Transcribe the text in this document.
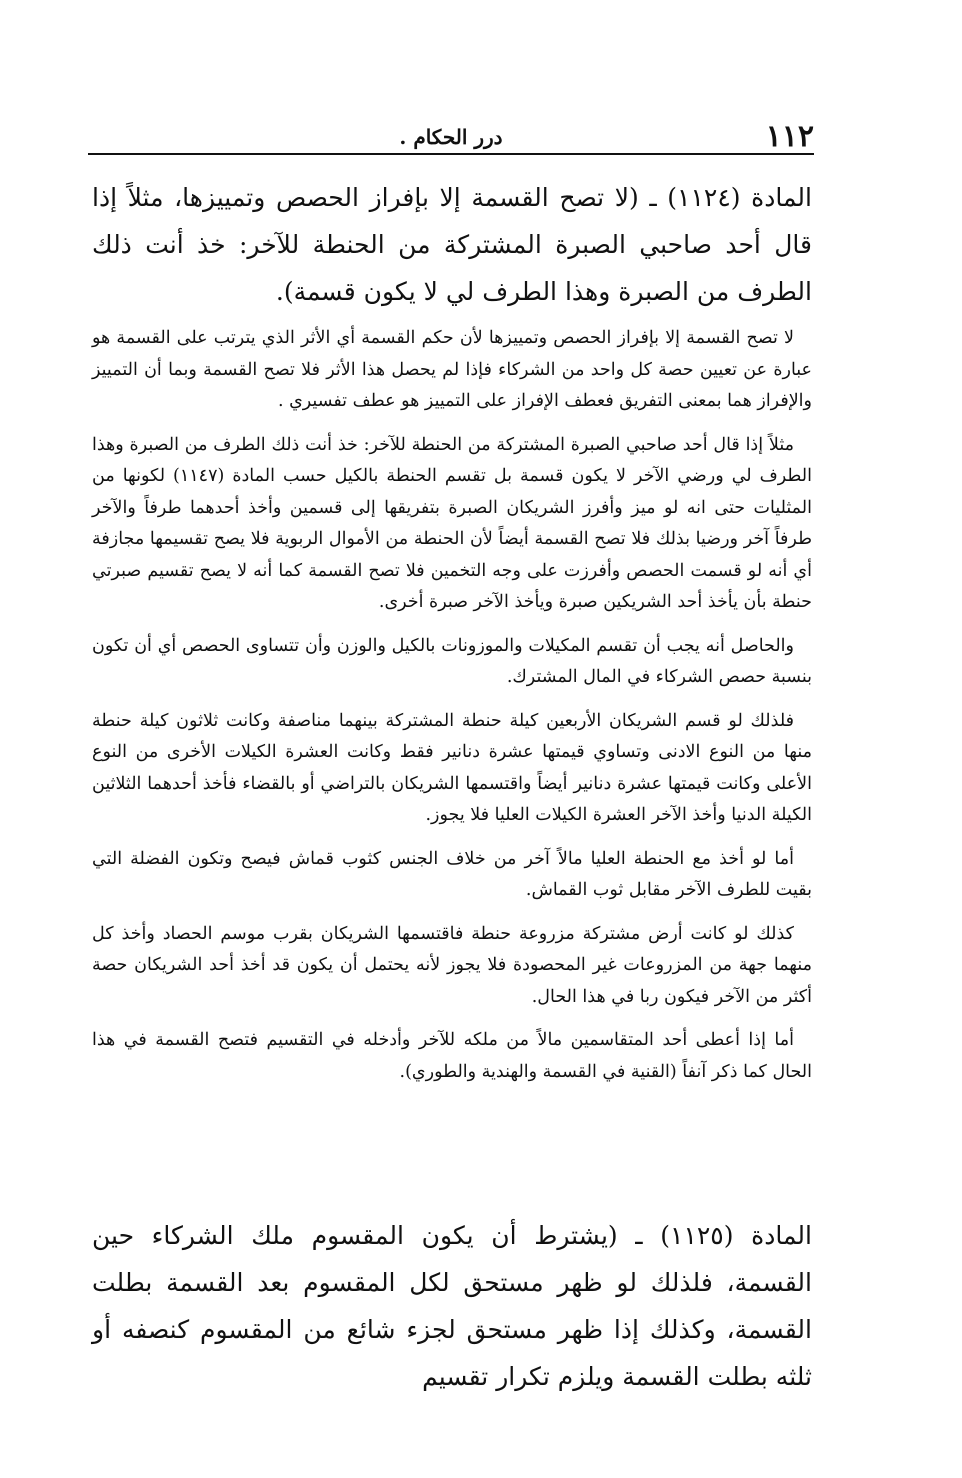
١١٢
درر الحكام .
المادة (١١٢٤) ـ (لا تصح القسمة إلا بإفراز الحصص وتمييزها، مثلاً إذا قال أحد صاحبي الصبرة المشتركة من الحنطة للآخر: خذ أنت ذلك الطرف من الصبرة وهذا الطرف لي لا يكون قسمة).

لا تصح القسمة إلا بإفراز الحصص وتمييزها لأن حكم القسمة أي الأثر الذي يترتب على القسمة هو عبارة عن تعيين حصة كل واحد من الشركاء فإذا لم يحصل هذا الأثر فلا تصح القسمة وبما أن التمييز والإفراز هما بمعنى التفريق فعطف الإفراز على التمييز هو عطف تفسيري .

مثلاً إذا قال أحد صاحبي الصبرة المشتركة من الحنطة للآخر: خذ أنت ذلك الطرف من الصبرة وهذا الطرف لي ورضي الآخر لا يكون قسمة بل تقسم الحنطة بالكيل حسب المادة (١١٤٧) لكونها من المثليات حتى انه لو ميز وأفرز الشريكان الصبرة بتفريقها إلى قسمين وأخذ أحدهما طرفاً والآخر طرفاً آخر ورضيا بذلك فلا تصح القسمة أيضاً لأن الحنطة من الأموال الربوية فلا يصح تقسيمها مجازفة أي أنه لو قسمت الحصص وأفرزت على وجه التخمين فلا تصح القسمة كما أنه لا يصح تقسيم صبرتي حنطة بأن يأخذ أحد الشريكين صبرة ويأخذ الآخر صبرة أخرى.

والحاصل أنه يجب أن تقسم المكيلات والموزونات بالكيل والوزن وأن تتساوى الحصص أي أن تكون بنسبة حصص الشركاء في المال المشترك.

فلذلك لو قسم الشريكان الأربعين كيلة حنطة المشتركة بينهما مناصفة وكانت ثلاثون كيلة حنطة منها من النوع الادنى وتساوي قيمتها عشرة دنانير فقط وكانت العشرة الكيلات الأخرى من النوع الأعلى وكانت قيمتها عشرة دنانير أيضاً واقتسمها الشريكان بالتراضي أو بالقضاء فأخذ أحدهما الثلاثين الكيلة الدنيا وأخذ الآخر العشرة الكيلات العليا فلا يجوز.

أما لو أخذ مع الحنطة العليا مالاً آخر من خلاف الجنس كثوب قماش فيصح وتكون الفضلة التي بقيت للطرف الآخر مقابل ثوب القماش.

كذلك لو كانت أرض مشتركة مزروعة حنطة فاقتسمها الشريكان بقرب موسم الحصاد وأخذ كل منهما جهة من المزروعات غير المحصودة فلا يجوز لأنه يحتمل أن يكون قد أخذ أحد الشريكان حصة أكثر من الآخر فيكون ربا في هذا الحال.

أما إذا أعطى أحد المتقاسمين مالاً من ملكه للآخر وأدخله في التقسيم فتصح القسمة في هذا الحال كما ذكر آنفاً (القنية في القسمة والهندية والطوري).

المادة (١١٢٥) ـ (يشترط أن يكون المقسوم ملك الشركاء حين القسمة، فلذلك لو ظهر مستحق لكل المقسوم بعد القسمة بطلت القسمة، وكذلك إذا ظهر مستحق لجزء شائع من المقسوم كنصفه أو ثلثه بطلت القسمة ويلزم تكرار تقسيم
